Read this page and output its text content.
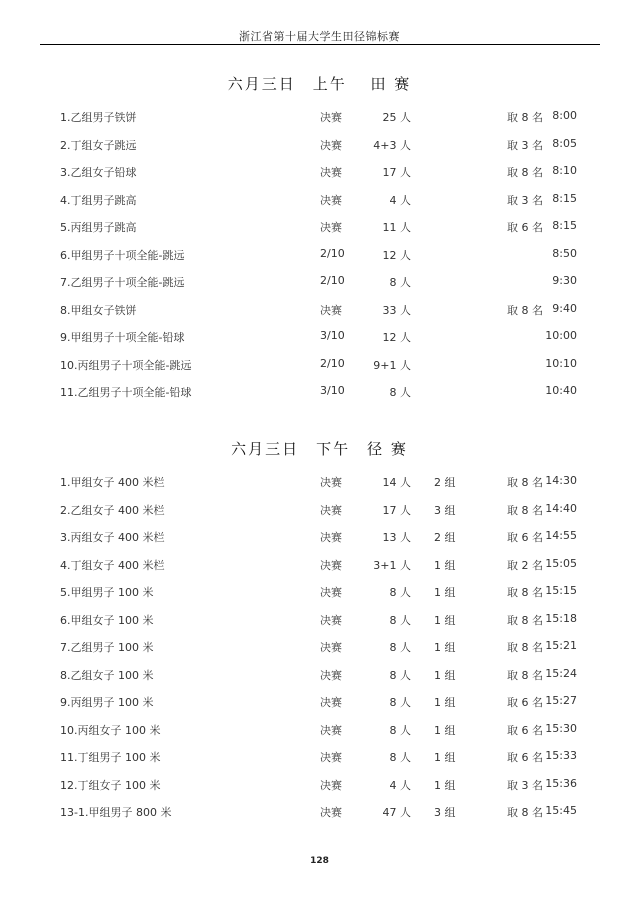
浙江省第十届大学生田径锦标赛
六月三日　上午　 田 赛
1.乙组男子铁饼	决赛	25 人	取 8 名 8:00
2.丁组女子跳远	决赛	4+3 人	取 3 名 8:05
3.乙组女子铅球	决赛	17 人	取 8 名 8:10
4.丁组男子跳高	决赛	4 人	取 3 名 8:15
5.丙组男子跳高	决赛	11 人	取 6 名 8:15
6.甲组男子十项全能-跳远	2/10	12 人	8:50
7.乙组男子十项全能-跳远	2/10	8 人	9:30
8.甲组女子铁饼	决赛	33 人	取 8 名 9:40
9.甲组男子十项全能-铅球	3/10	12 人	10:00
10.丙组男子十项全能-跳远	2/10	9+1 人	10:10
11.乙组男子十项全能-铅球	3/10	8 人	10:40
六月三日　下午　径 赛
1.甲组女子 400 米栏	决赛	14 人 2 组	取 8 名 14:30
2.乙组女子 400 米栏	决赛	17 人 3 组	取 8 名 14:40
3.丙组女子 400 米栏	决赛	13 人 2 组	取 6 名 14:55
4.丁组女子 400 米栏	决赛	3+1 人 1 组	取 2 名 15:05
5.甲组男子 100 米	决赛	8 人 1 组	取 8 名 15:15
6.甲组女子 100 米	决赛	8 人 1 组	取 8 名 15:18
7.乙组男子 100 米	决赛	8 人 1 组	取 8 名 15:21
8.乙组女子 100 米	决赛	8 人 1 组	取 8 名 15:24
9.丙组男子 100 米	决赛	8 人 1 组	取 6 名 15:27
10.丙组女子 100 米	决赛	8 人 1 组	取 6 名 15:30
11.丁组男子 100 米	决赛	8 人 1 组	取 6 名 15:33
12.丁组女子 100 米	决赛	4 人 1 组	取 3 名 15:36
13-1.甲组男子 800 米	决赛	47 人 3 组	取 8 名 15:45
128
